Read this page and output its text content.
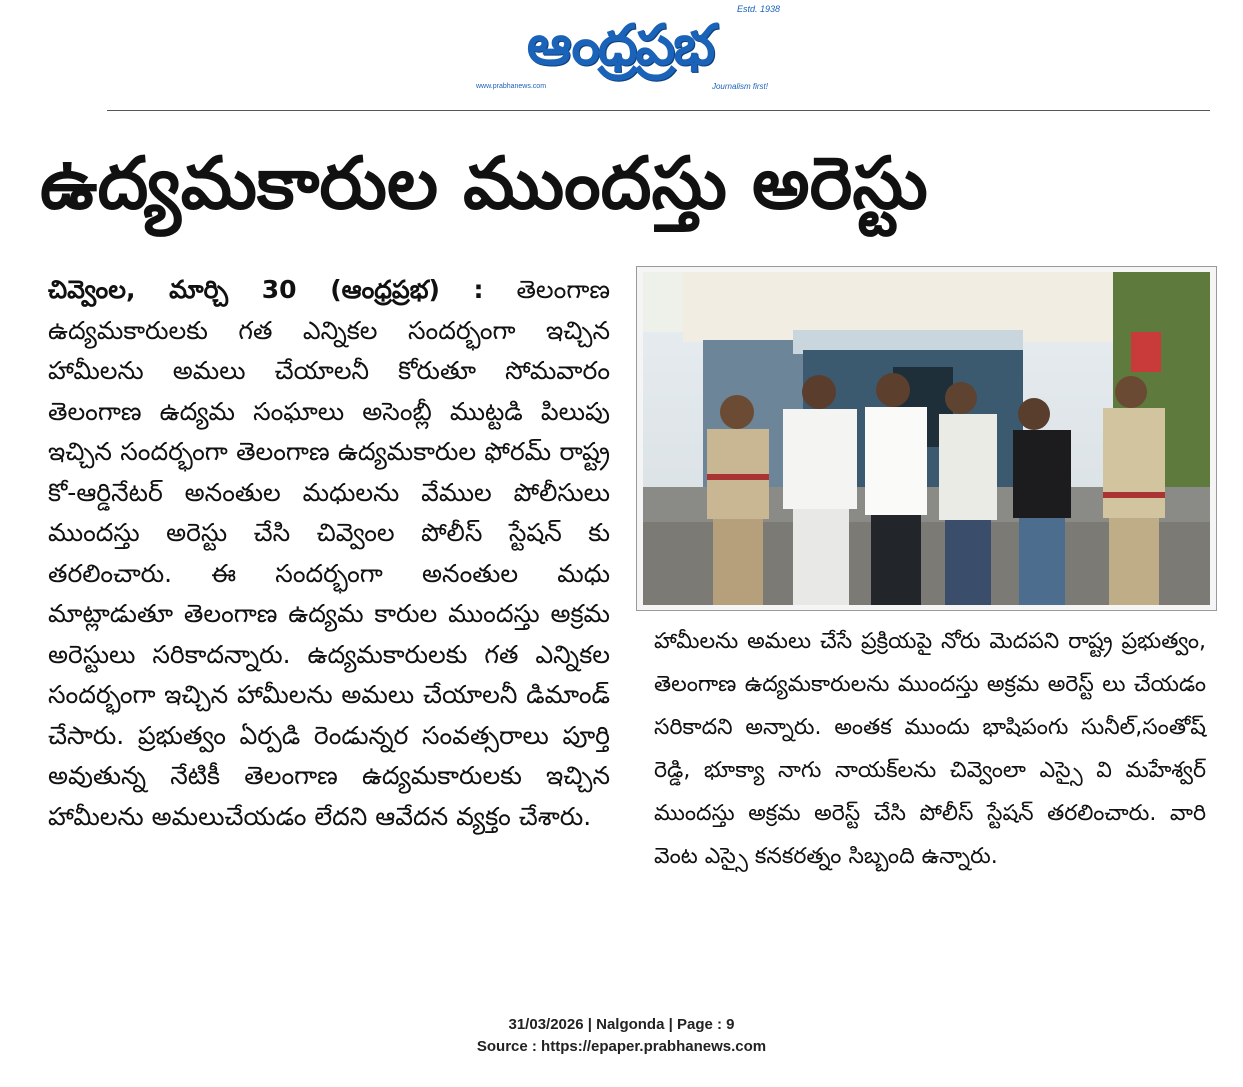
ఆంధ్రప్రభ
Estd. 1938
www.prabhanews.com	Journalism first!
ఉద్యమకారుల ముందస్తు అరెస్టు
చివ్వెంల, మార్చి 30 (ఆంధ్రప్రభ) : తెలంగాణ ఉద్యమకారులకు గత ఎన్నికల సందర్భంగా ఇచ్చిన హామీలను అమలు చేయాలనీ కోరుతూ సోమవారం తెలంగాణ ఉద్యమ సంఘాలు అసెంబ్లీ ముట్టడి పిలుపు ఇచ్చిన సందర్భంగా తెలంగాణ ఉద్యమకారుల ఫోరమ్ రాష్ట్ర కో-ఆర్డినేటర్ అనంతుల మధులను వేముల పోలీసులు ముందస్తు అరెస్టు చేసి చివ్వెంల పోలీస్ స్టేషన్ కు తరలించారు. ఈ సందర్భంగా అనంతుల మధు మాట్లాడుతూ తెలంగాణ ఉద్యమ కారుల ముందస్తు అక్రమ అరెస్టులు సరికాదన్నారు. ఉద్యమకారులకు గత ఎన్నికల సందర్భంగా ఇచ్చిన హామీలను అమలు చేయాలనీ డిమాండ్ చేసారు. ప్రభుత్వం ఏర్పడి రెండున్నర సంవత్సరాలు పూర్తి అవుతున్న నేటికీ తెలంగాణ ఉద్యమకారులకు ఇచ్చిన హామీలను అమలుచేయడం లేదని ఆవేదన వ్యక్తం చేశారు.
హామీలను అమలు చేసే ప్రక్రియపై నోరు మెదపని రాష్ట్ర ప్రభుత్వం, తెలంగాణ ఉద్యమకారులను ముందస్తు అక్రమ అరెస్ట్ లు చేయడం సరికాదని అన్నారు. అంతక ముందు భాషిపంగు సునీల్,సంతోష్ రెడ్డి, భూక్యా నాగు నాయక్‌లను చివ్వెంలా ఎస్సై వి మహేశ్వర్ ముందస్తు అక్రమ అరెస్ట్ చేసి పోలీస్ స్టేషన్ తరలించారు. వారి వెంట ఎస్సై కనకరత్నం సిబ్బంది ఉన్నారు.
31/03/2026 | Nalgonda | Page : 9
Source : https://epaper.prabhanews.com
